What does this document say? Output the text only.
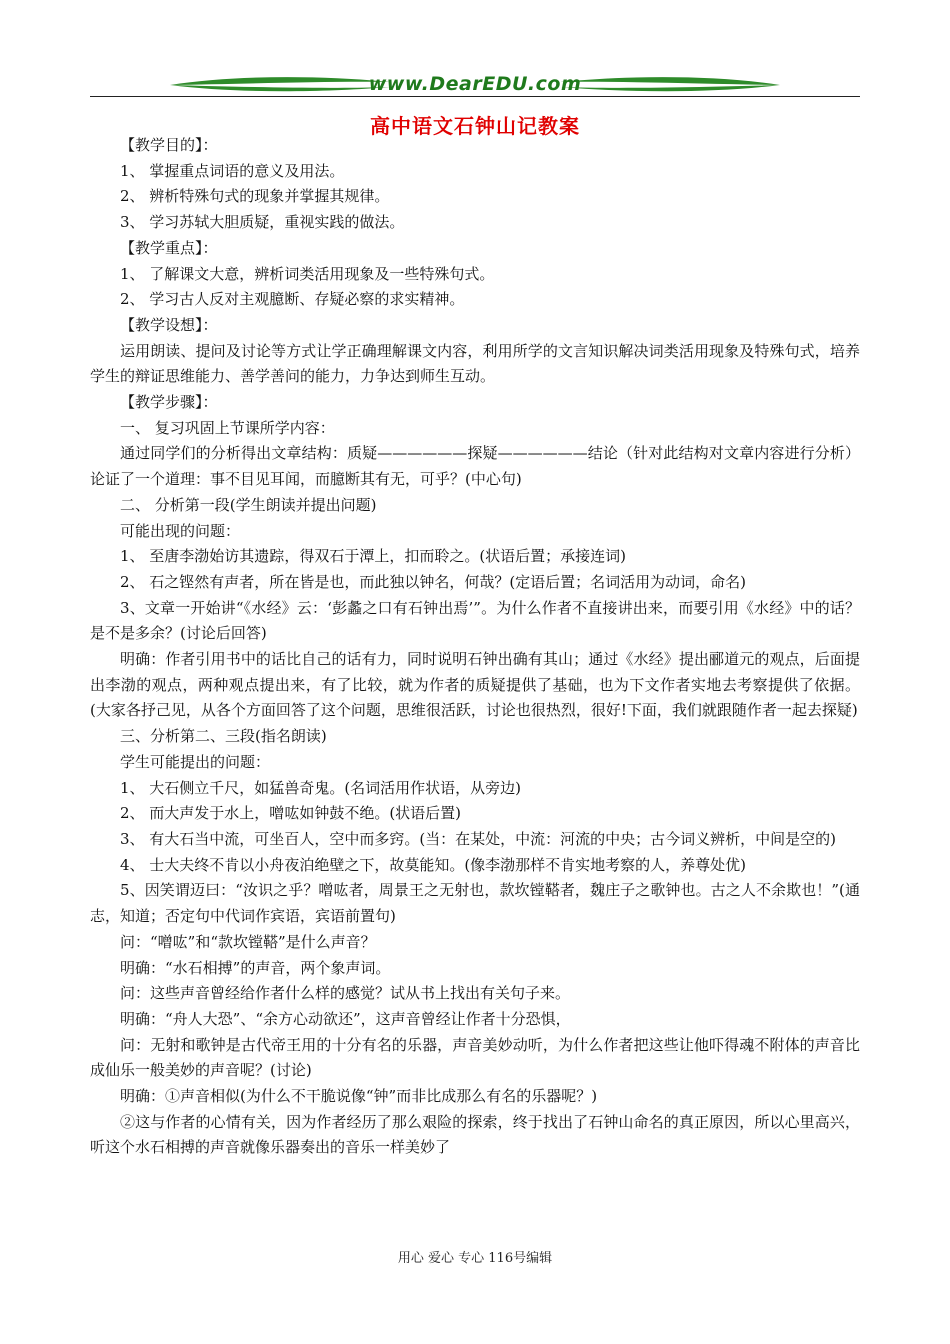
www.DearEDU.com
高中语文石钟山记教案

【教学目的】：

1、 掌握重点词语的意义及用法。

2、 辨析特殊句式的现象并掌握其规律。

3、 学习苏轼大胆质疑，重视实践的做法。

【教学重点】：

1、 了解课文大意，辨析词类活用现象及一些特殊句式。

2、 学习古人反对主观臆断、存疑必察的求实精神。

【教学设想】：

运用朗读、提问及讨论等方式让学正确理解课文内容，利用所学的文言知识解决词类活用现象及特殊句式，培养学生的辩证思维能力、善学善问的能力，力争达到师生互动。

【教学步骤】：

一、 复习巩固上节课所学内容：

通过同学们的分析得出文章结构：质疑——————探疑——————结论（针对此结构对文章内容进行分析）论证了一个道理：事不目见耳闻，而臆断其有无，可乎？(中心句)

二、 分析第一段(学生朗读并提出问题)

可能出现的问题：

1、 至唐李渤始访其遗踪，得双石于潭上，扣而聆之。(状语后置；承接连词)

2、 石之铿然有声者，所在皆是也，而此独以钟名，何哉？(定语后置；名词活用为动词，命名)

3、文章一开始讲“《水经》云：‘彭蠡之口有石钟出焉’”。为什么作者不直接讲出来，而要引用《水经》中的话？是不是多余？(讨论后回答)

明确：作者引用书中的话比自己的话有力，同时说明石钟出确有其山；通过《水经》提出郦道元的观点，后面提出李渤的观点，两种观点提出来，有了比较，就为作者的质疑提供了基础，也为下文作者实地去考察提供了依据。(大家各抒己见，从各个方面回答了这个问题，思维很活跃，讨论也很热烈，很好!下面，我们就跟随作者一起去探疑)

三、分析第二、三段(指名朗读)

学生可能提出的问题：

1、 大石侧立千尺，如猛兽奇鬼。(名词活用作状语，从旁边)

2、 而大声发于水上，噌吰如钟鼓不绝。(状语后置)

3、 有大石当中流，可坐百人，空中而多窍。(当：在某处，中流：河流的中央；古今词义辨析，中间是空的)

4、 士大夫终不肯以小舟夜泊绝壁之下，故莫能知。(像李渤那样不肯实地考察的人，养尊处优)

5、因笑谓迈曰：“汝识之乎？噌吰者，周景王之无射也，款坎镗鞳者，魏庄子之歌钟也。古之人不余欺也！”(通志，知道；否定句中代词作宾语，宾语前置句)

问：“噌吰”和“款坎镗鞳”是什么声音？

明确：“水石相搏”的声音，两个象声词。

问：这些声音曾经给作者什么样的感觉？试从书上找出有关句子来。

明确：“舟人大恐”、“余方心动欲还”，这声音曾经让作者十分恐惧，

问：无射和歌钟是古代帝王用的十分有名的乐器，声音美妙动听，为什么作者把这些让他吓得魂不附体的声音比成仙乐一般美妙的声音呢？(讨论)

明确：①声音相似(为什么不干脆说像“钟”而非比成那么有名的乐器呢？)

②这与作者的心情有关，因为作者经历了那么艰险的探索，终于找出了石钟山命名的真正原因，所以心里高兴，听这个水石相搏的声音就像乐器奏出的音乐一样美妙了

用心 爱心 专心 116号编辑
